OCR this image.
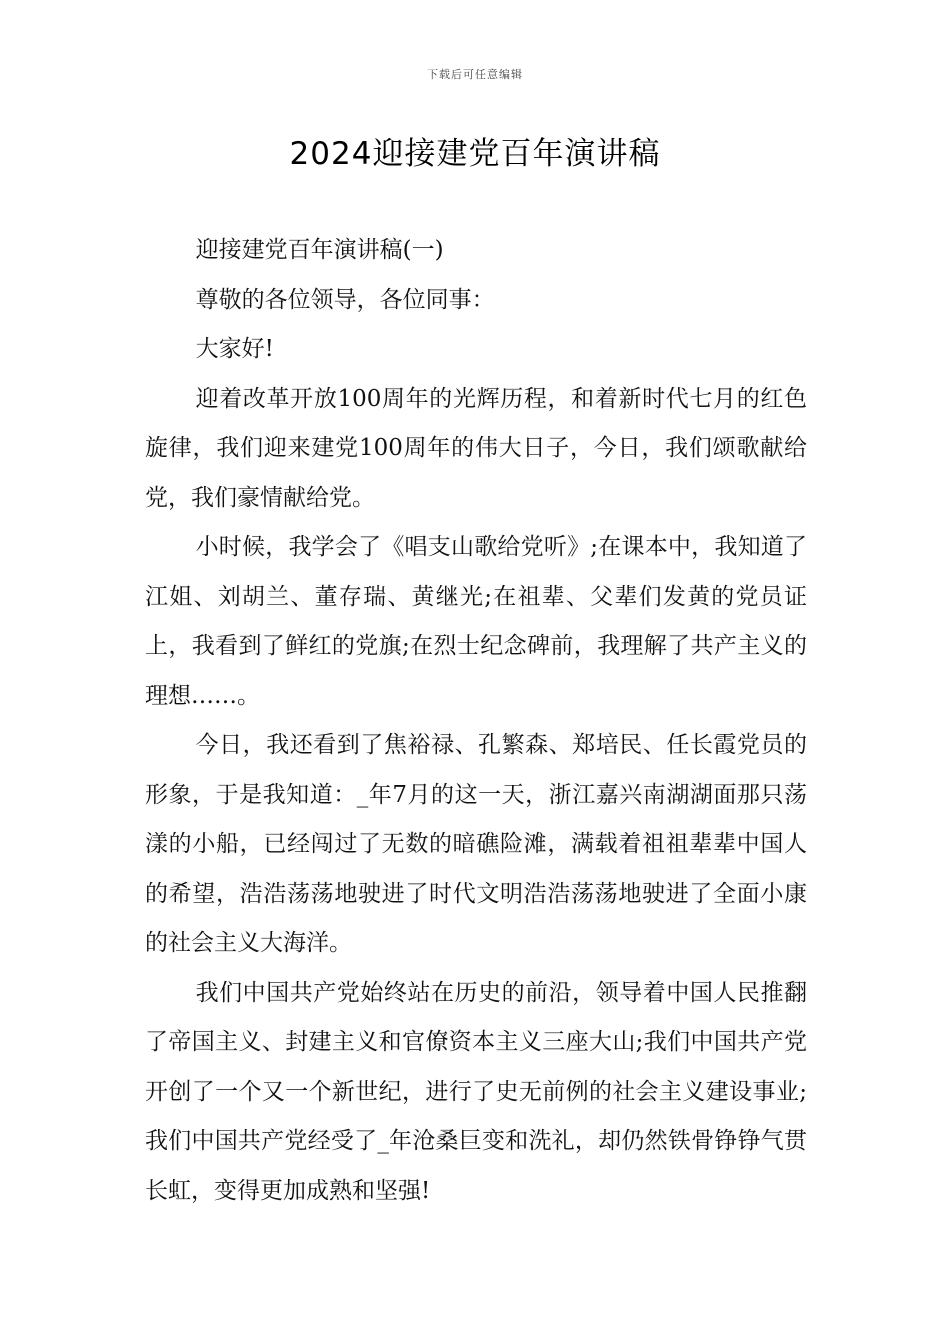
下载后可任意编辑
2024迎接建党百年演讲稿

迎接建党百年演讲稿(一)

尊敬的各位领导，各位同事：

大家好!

迎着改革开放100周年的光辉历程，和着新时代七月的红色旋律，我们迎来建党100周年的伟大日子，今日，我们颂歌献给党，我们豪情献给党。

小时候，我学会了《唱支山歌给党听》;在课本中，我知道了江姐、刘胡兰、董存瑞、黄继光;在祖辈、父辈们发黄的党员证上，我看到了鲜红的党旗;在烈士纪念碑前，我理解了共产主义的理想……。

今日，我还看到了焦裕禄、孔繁森、郑培民、任长霞党员的形象，于是我知道：_年7月的这一天，浙江嘉兴南湖湖面那只荡漾的小船，已经闯过了无数的暗礁险滩，满载着祖祖辈辈中国人的希望，浩浩荡荡地驶进了时代文明浩浩荡荡地驶进了全面小康的社会主义大海洋。

我们中国共产党始终站在历史的前沿，领导着中国人民推翻了帝国主义、封建主义和官僚资本主义三座大山;我们中国共产党开创了一个又一个新世纪，进行了史无前例的社会主义建设事业;我们中国共产党经受了_年沧桑巨变和洗礼，却仍然铁骨铮铮气贯长虹，变得更加成熟和坚强!
